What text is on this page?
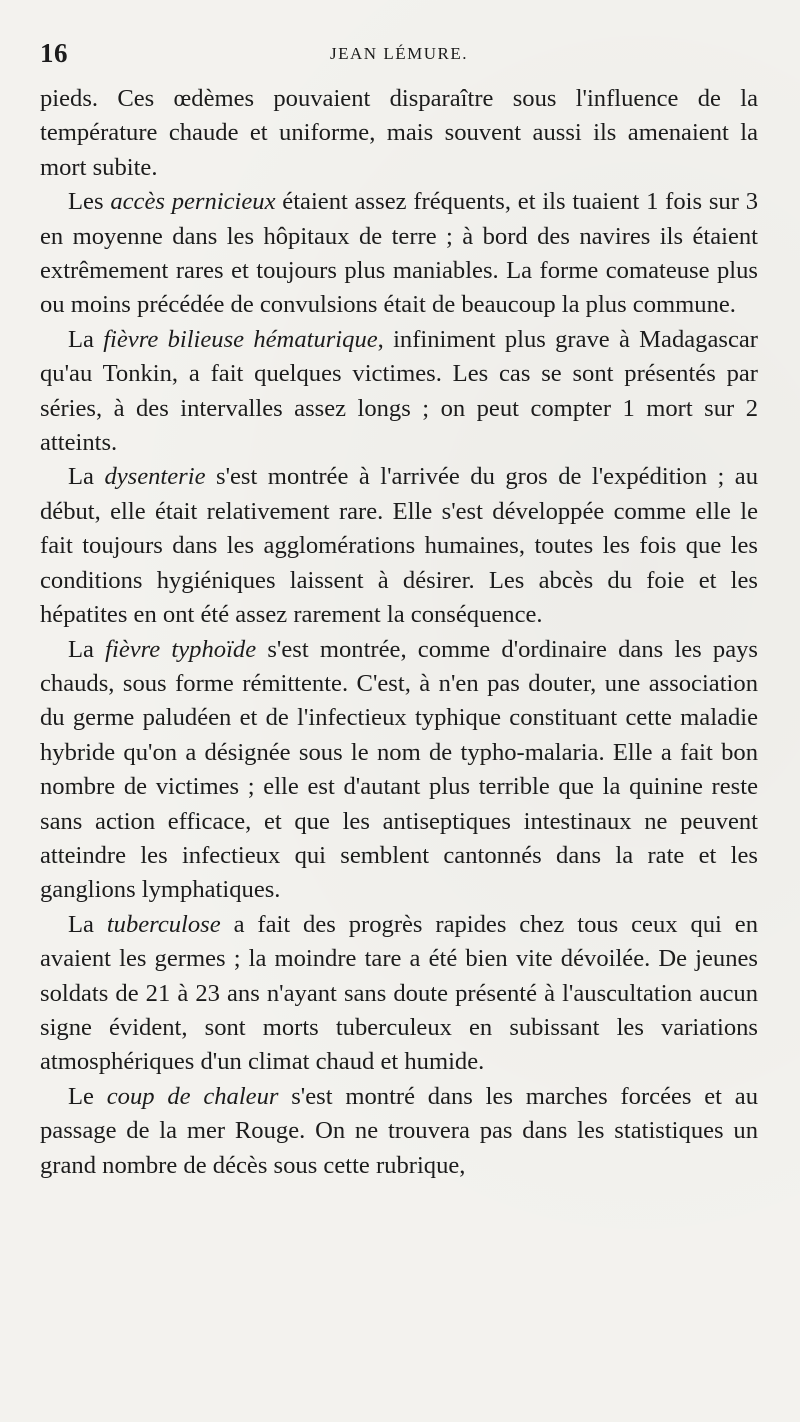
16	JEAN LÉMURE.

pieds. Ces œdèmes pouvaient disparaître sous l'influence de la température chaude et uniforme, mais souvent aussi ils amenaient la mort subite.

Les accès pernicieux étaient assez fréquents, et ils tuaient 1 fois sur 3 en moyenne dans les hôpitaux de terre ; à bord des navires ils étaient extrêmement rares et toujours plus maniables. La forme comateuse plus ou moins précédée de convulsions était de beaucoup la plus commune.

La fièvre bilieuse hématurique, infiniment plus grave à Madagascar qu'au Tonkin, a fait quelques victimes. Les cas se sont présentés par séries, à des intervalles assez longs ; on peut compter 1 mort sur 2 atteints.

La dysenterie s'est montrée à l'arrivée du gros de l'expédition ; au début, elle était relativement rare. Elle s'est développée comme elle le fait toujours dans les agglomérations humaines, toutes les fois que les conditions hygiéniques laissent à désirer. Les abcès du foie et les hépatites en ont été assez rarement la conséquence.

La fièvre typhoïde s'est montrée, comme d'ordinaire dans les pays chauds, sous forme rémittente. C'est, à n'en pas douter, une association du germe paludéen et de l'infectieux typhique constituant cette maladie hybride qu'on a désignée sous le nom de typho-malaria. Elle a fait bon nombre de victimes ; elle est d'autant plus terrible que la quinine reste sans action efficace, et que les antiseptiques intestinaux ne peuvent atteindre les infectieux qui semblent cantonnés dans la rate et les ganglions lymphatiques.

La tuberculose a fait des progrès rapides chez tous ceux qui en avaient les germes ; la moindre tare a été bien vite dévoilée. De jeunes soldats de 21 à 23 ans n'ayant sans doute présenté à l'auscultation aucun signe évident, sont morts tuberculeux en subissant les variations atmosphériques d'un climat chaud et humide.

Le coup de chaleur s'est montré dans les marches forcées et au passage de la mer Rouge. On ne trouvera pas dans les statistiques un grand nombre de décès sous cette rubrique,
